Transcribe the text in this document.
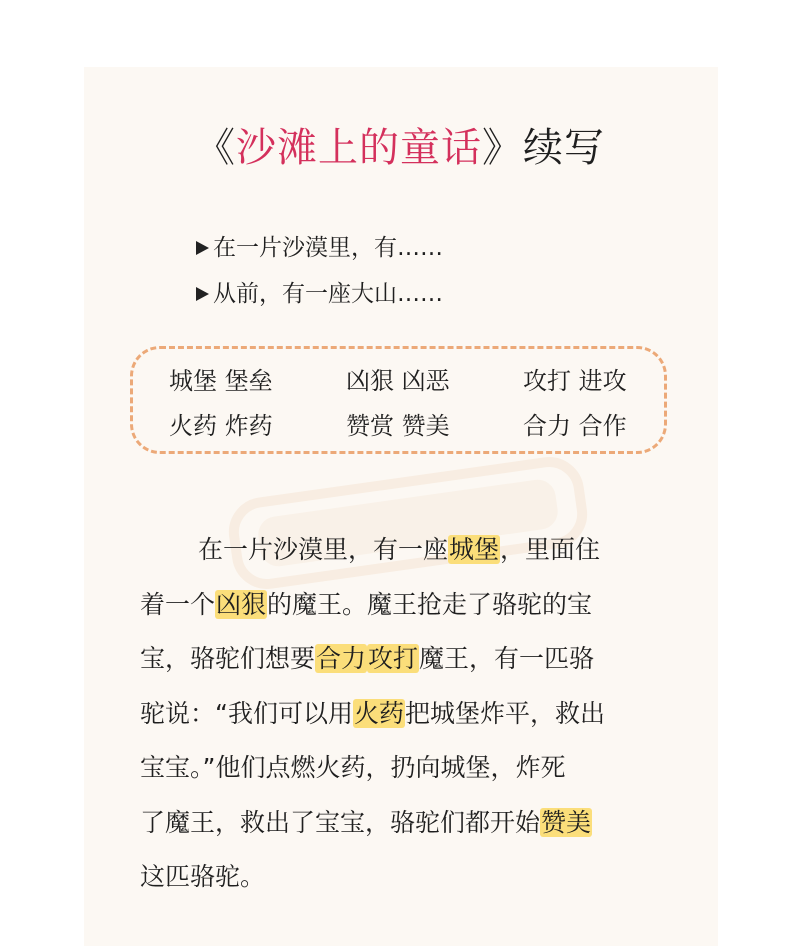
《沙滩上的童话》续写
在一片沙漠里，有……
从前，有一座大山……
城堡 堡垒	凶狠 凶恶	攻打 进攻
火药 炸药	赞赏 赞美	合力 合作
在一片沙漠里，有一座城堡，里面住
着一个凶狠的魔王。魔王抢走了骆驼的宝
宝，骆驼们想要合力攻打魔王，有一匹骆
驼说：“我们可以用火药把城堡炸平，救出
宝宝。”他们点燃火药，扔向城堡，炸死
了魔王，救出了宝宝，骆驼们都开始赞美
这匹骆驼。
